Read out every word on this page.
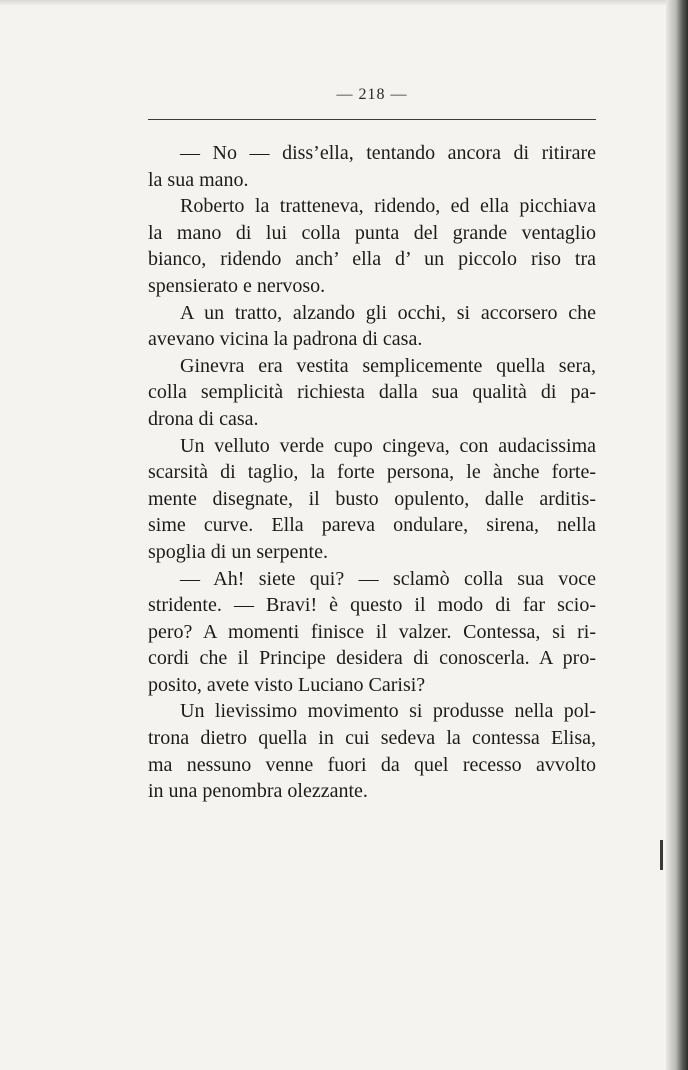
— 218 —
— No — diss’ella, tentando ancora di ritirare
la sua mano.
Roberto la tratteneva, ridendo, ed ella picchiava
la mano di lui colla punta del grande ventaglio
bianco, ridendo anch’ ella d’ un piccolo riso tra
spensierato e nervoso.
A un tratto, alzando gli occhi, si accorsero che
avevano vicina la padrona di casa.
Ginevra era vestita semplicemente quella sera,
colla semplicità richiesta dalla sua qualità di pa-
drona di casa.
Un velluto verde cupo cingeva, con audacissima
scarsità di taglio, la forte persona, le ànche forte-
mente disegnate, il busto opulento, dalle arditis-
sime curve. Ella pareva ondulare, sirena, nella
spoglia di un serpente.
— Ah! siete qui? — sclamò colla sua voce
stridente. — Bravi! è questo il modo di far scio-
pero? A momenti finisce il valzer. Contessa, si ri-
cordi che il Principe desidera di conoscerla. A pro-
posito, avete visto Luciano Carisi?
Un lievissimo movimento si produsse nella pol-
trona dietro quella in cui sedeva la contessa Elisa,
ma nessuno venne fuori da quel recesso avvolto
in una penombra olezzante.
